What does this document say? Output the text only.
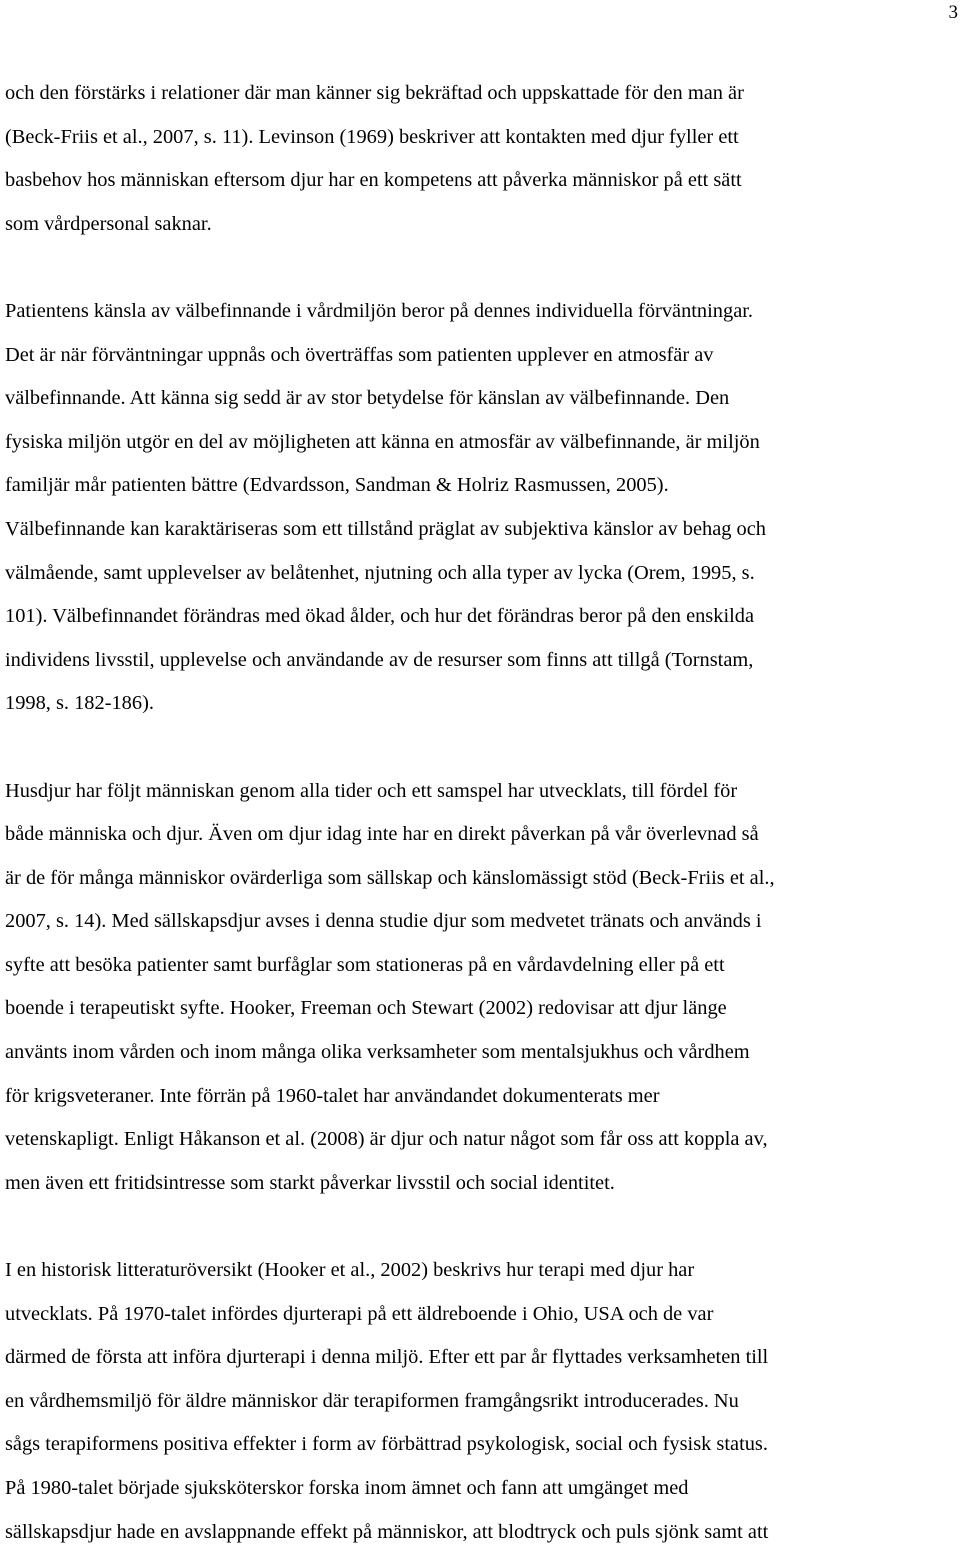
3

och den förstärks i relationer där man känner sig bekräftad och uppskattade för den man är
(Beck-Friis et al., 2007, s. 11). Levinson (1969) beskriver att kontakten med djur fyller ett
basbehov hos människan eftersom djur har en kompetens att påverka människor på ett sätt
som vårdpersonal saknar.

Patientens känsla av välbefinnande i vårdmiljön beror på dennes individuella förväntningar.
Det är när förväntningar uppnås och överträffas som patienten upplever en atmosfär av
välbefinnande. Att känna sig sedd är av stor betydelse för känslan av välbefinnande. Den
fysiska miljön utgör en del av möjligheten att känna en atmosfär av välbefinnande, är miljön
familjär mår patienten bättre (Edvardsson, Sandman & Holriz Rasmussen, 2005).
Välbefinnande kan karaktäriseras som ett tillstånd präglat av subjektiva känslor av behag och
välmående, samt upplevelser av belåtenhet, njutning och alla typer av lycka (Orem, 1995, s.
101). Välbefinnandet förändras med ökad ålder, och hur det förändras beror på den enskilda
individens livsstil, upplevelse och användande av de resurser som finns att tillgå (Tornstam,
1998, s. 182-186).

Husdjur har följt människan genom alla tider och ett samspel har utvecklats, till fördel för
både människa och djur. Även om djur idag inte har en direkt påverkan på vår överlevnad så
är de för många människor ovärderliga som sällskap och känslomässigt stöd (Beck-Friis et al.,
2007, s. 14). Med sällskapsdjur avses i denna studie djur som medvetet tränats och används i
syfte att besöka patienter samt burfåglar som stationeras på en vårdavdelning eller på ett
boende i terapeutiskt syfte. Hooker, Freeman och Stewart (2002) redovisar att djur länge
använts inom vården och inom många olika verksamheter som mentalsjukhus och vårdhem
för krigsveteraner. Inte förrän på 1960-talet har användandet dokumenterats mer
vetenskapligt. Enligt Håkanson et al. (2008) är djur och natur något som får oss att koppla av,
men även ett fritidsintresse som starkt påverkar livsstil och social identitet.

I en historisk litteraturöversikt (Hooker et al., 2002) beskrivs hur terapi med djur har
utvecklats. På 1970-talet infördes djurterapi på ett äldreboende i Ohio, USA och de var
därmed de första att införa djurterapi i denna miljö. Efter ett par år flyttades verksamheten till
en vårdhemsmiljö för äldre människor där terapiformen framgångsrikt introducerades. Nu
sågs terapiformens positiva effekter i form av förbättrad psykologisk, social och fysisk status.
På 1980-talet började sjuksköterskor forska inom ämnet och fann att umgänget med
sällskapsdjur hade en avslappnande effekt på människor, att blodtryck och puls sjönk samt att
